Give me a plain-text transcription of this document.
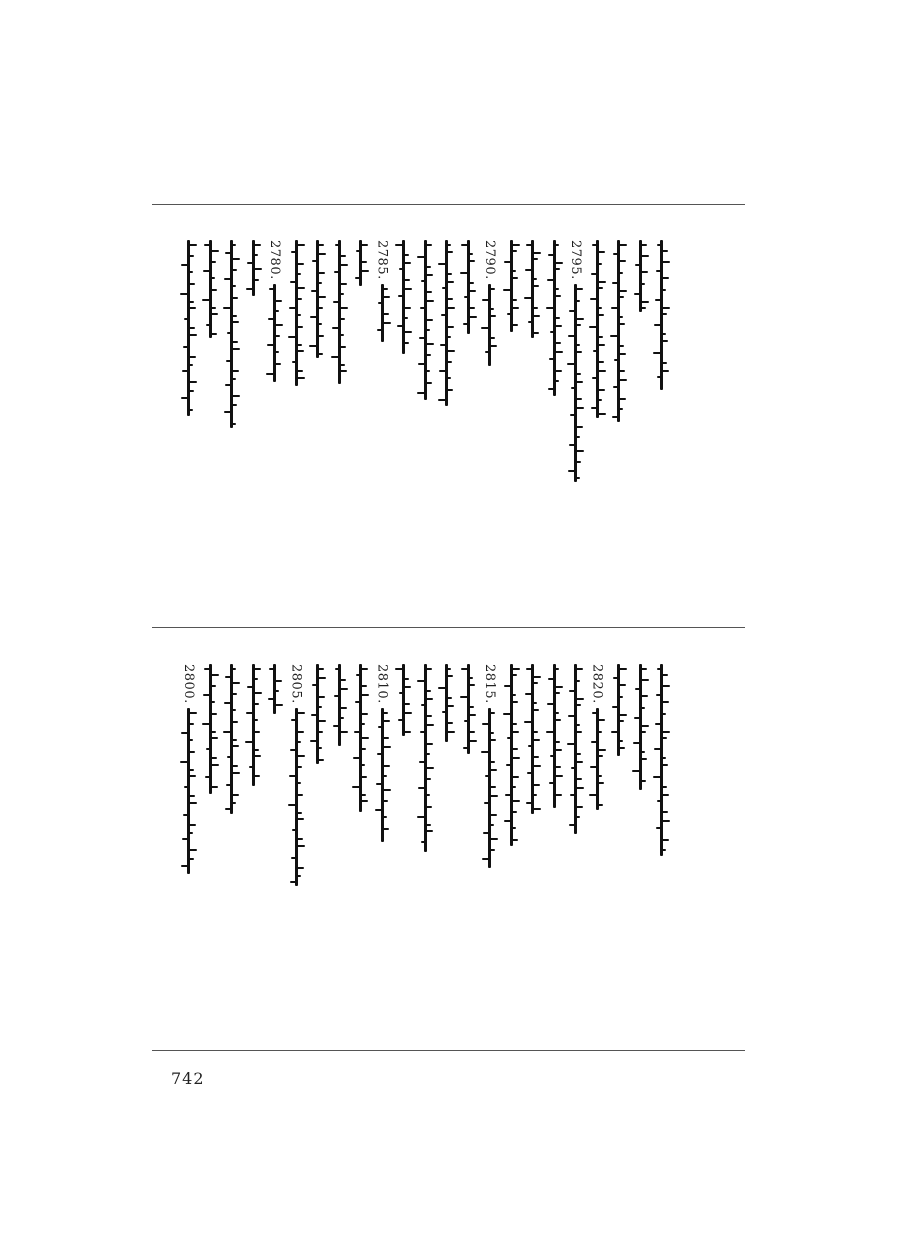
2795.
2790.
2785.
2780.
2820.
2815.
2810.
2805.
2800.
742
